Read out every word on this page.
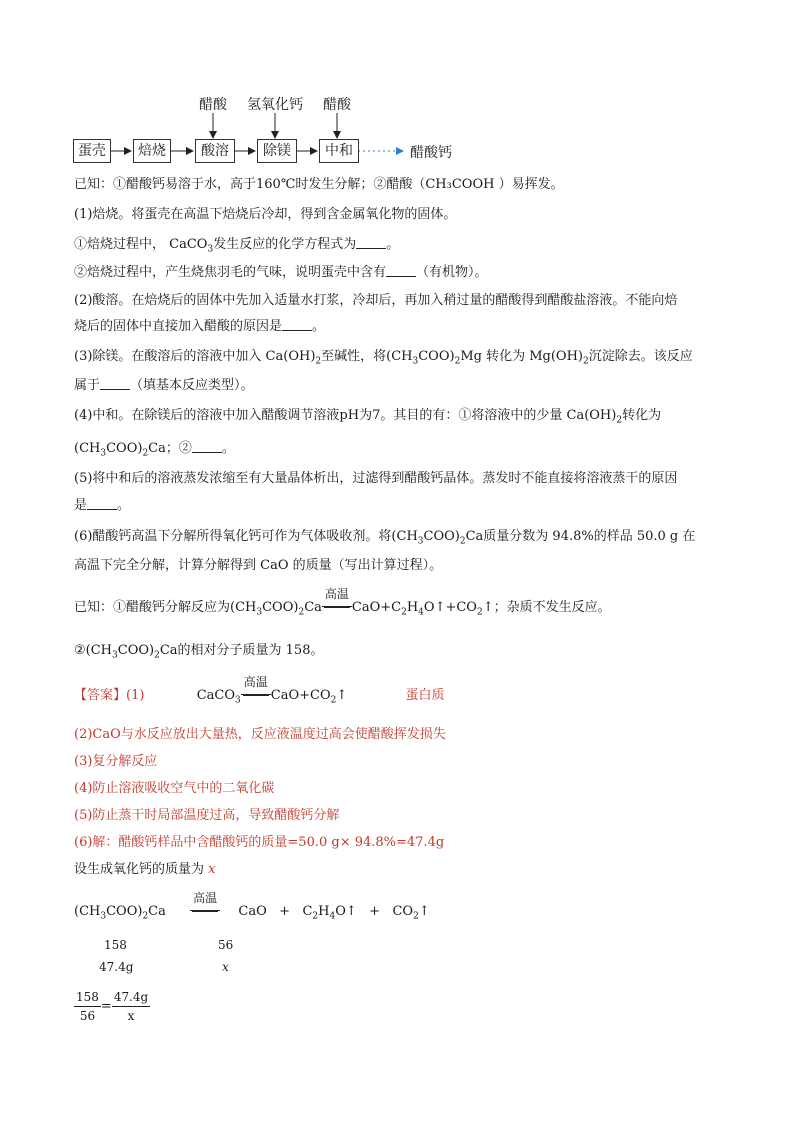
醋酸	氢氧化钙	醋酸
蛋壳	焙烧	酸溶	除镁	中和	醋酸钙
已知：①醋酸钙易溶于水，高于160℃时发生分解；②醋酸（CH₃COOH ）易挥发。
(1)焙烧。将蛋壳在高温下焙烧后冷却，得到含金属氧化物的固体。
①焙烧过程中， CaCO$_3$发生反应的化学方程式为 。
②焙烧过程中，产生烧焦羽毛的气味，说明蛋壳中含有 （有机物）。
(2)酸溶。在焙烧后的固体中先加入适量水打浆，冷却后，再加入稍过量的醋酸得到醋酸盐溶液。不能向焙
烧后的固体中直接加入醋酸的原因是 。
(3)除镁。在酸溶后的溶液中加入 $Ca(OH)_2$至碱性，将$(CH_3COO)_2Mg$ 转化为 $Mg(OH)_2$沉淀除去。该反应
属于 （填基本反应类型）。
(4)中和。在除镁后的溶液中加入醋酸调节溶液pH为7。其目的有：①将溶液中的少量 $Ca(OH)_2$转化为
$(CH_3COO)_2Ca$；② 。
(5)将中和后的溶液蒸发浓缩至有大量晶体析出，过滤得到醋酸钙晶体。蒸发时不能直接将溶液蒸干的原因
是 。
(6)醋酸钙高温下分解所得氧化钙可作为气体吸收剂。将$(CH_3COO)_2Ca$质量分数为 94.8%的样品 50.0 g 在
高温下完全分解，计算分解得到 CaO 的质量（写出计算过程）。
已知：①醋酸钙分解反应为$(CH_3COO)_2Ca$
高温
$CaO+C_2H_4O↑+CO_2↑$；杂质不发生反应。
$②(CH_3COO)_2Ca$的相对分子质量为 158。
【答案】(1)	CaCO$_3$
高温
$CaO+CO_2↑$	蛋白质
(2)CaO与水反应放出大量热，反应液温度过高会使醋酸挥发损失
(3)复分解反应
(4)防止溶液吸收空气中的二氧化碳
(5)防止蒸干时局部温度过高，导致醋酸钙分解
(6)解：醋酸钙样品中含醋酸钙的质量=50.0 g× 94.8%=47.4g
设生成氧化钙的质量为 x
$(CH_3COO)_2Ca$
高温
CaO   +   $C_2H_4O↑$   +   $CO_2↑$
158	56
47.4g	x
$\frac{158}{56} = \frac{47.4g}{x}$
